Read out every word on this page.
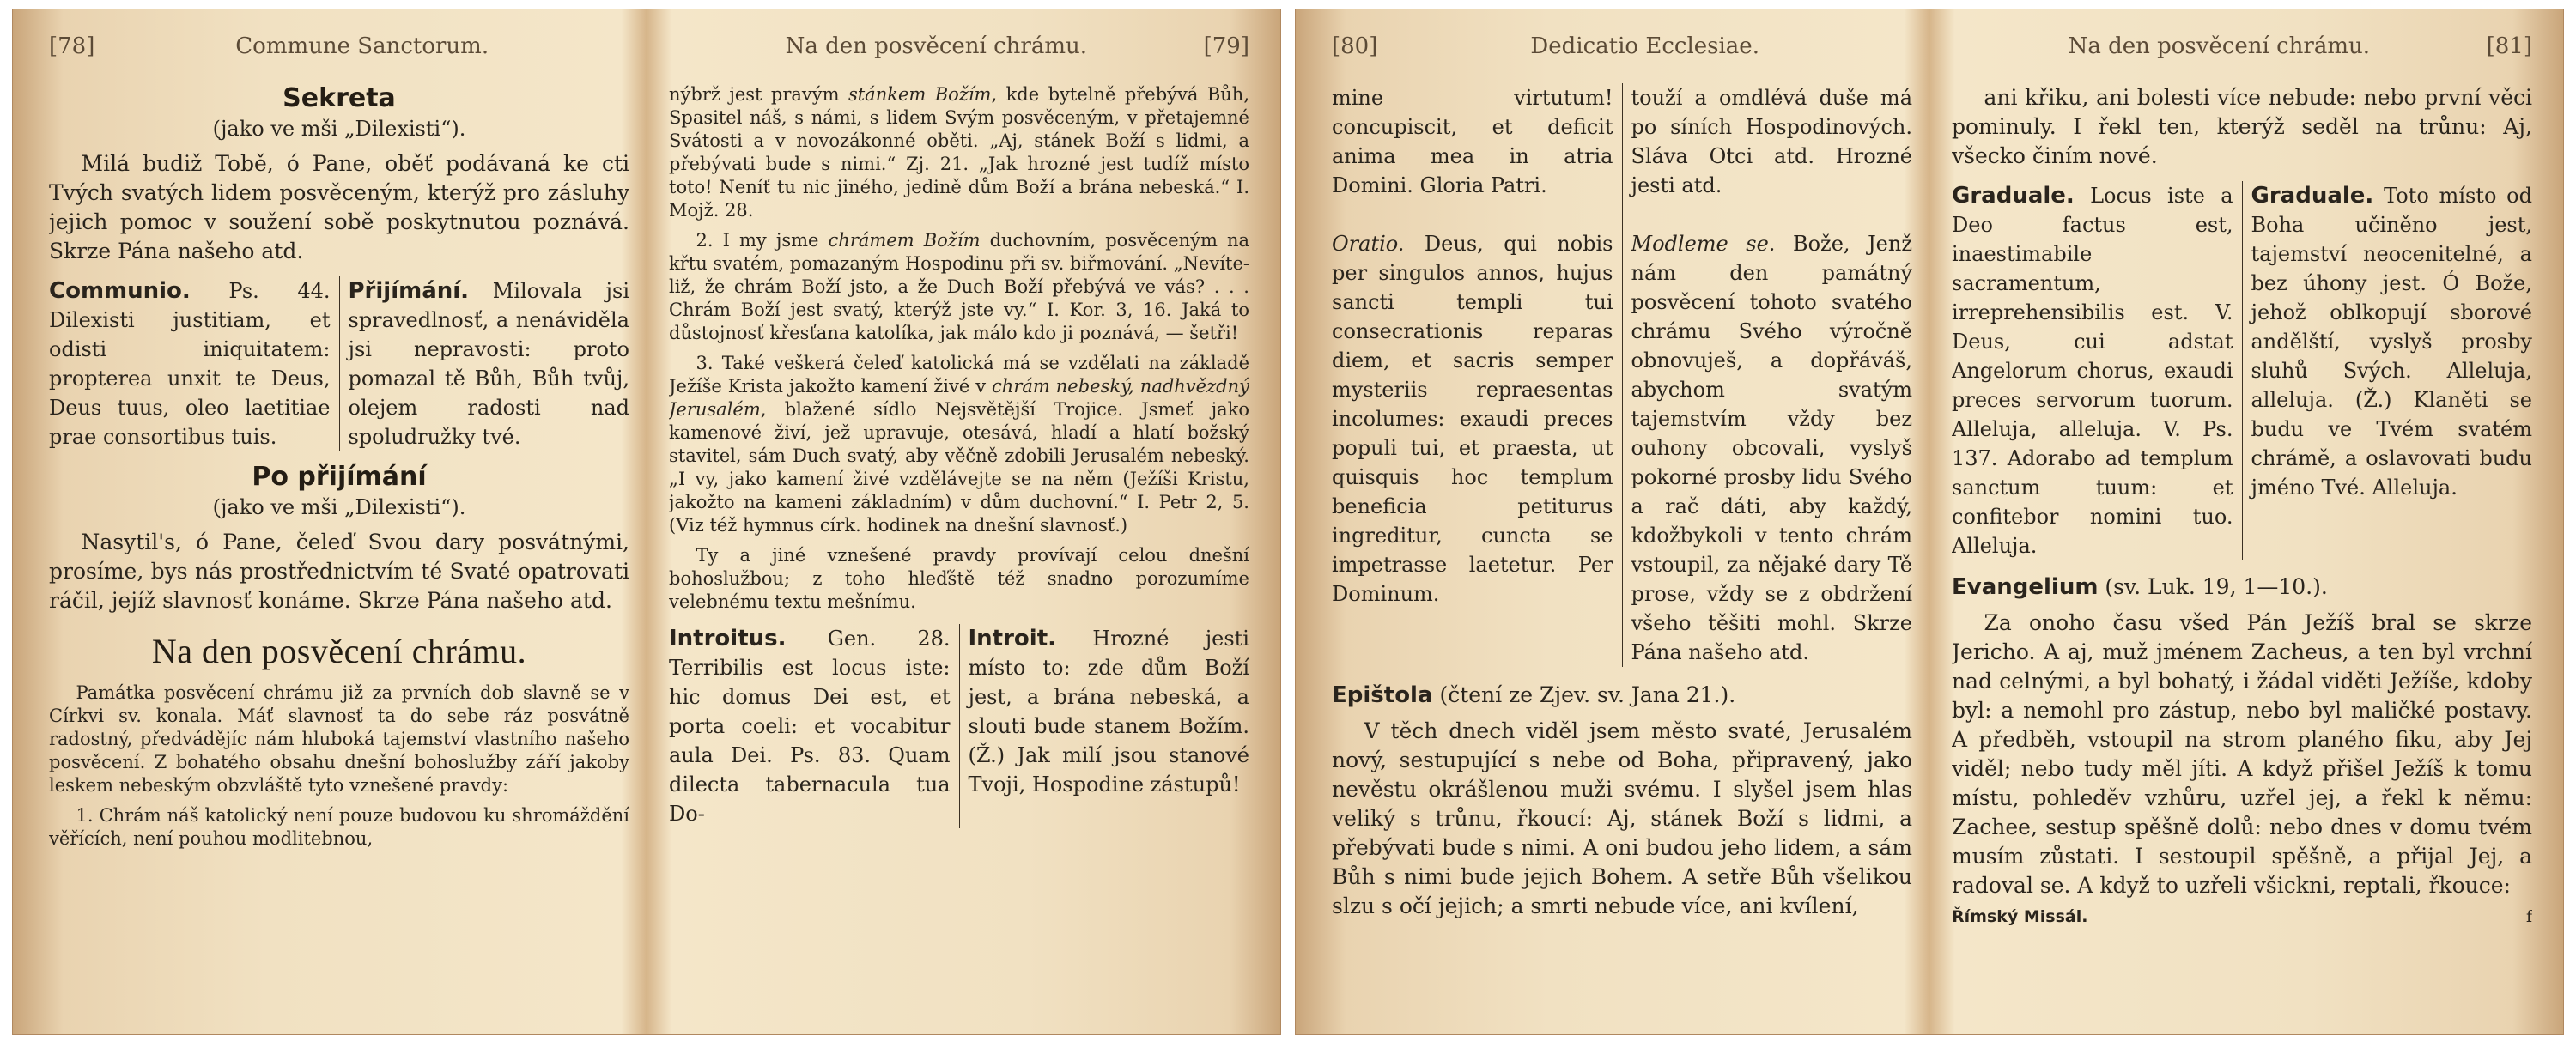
[78]	Commune Sanctorum.
Sekreta
(jako ve mši „Dilexisti“).

Milá budiž Tobě, ó Pane, oběť podávaná ke cti Tvých svatých lidem posvěceným, kterýž pro zásluhy jejich pomoc v soužení sobě poskytnutou poznává. Skrze Pána našeho atd.

Communio. Ps. 44. Dilexisti justitiam, et odisti iniquitatem: propterea unxit te Deus, Deus tuus, oleo laetitiae prae consortibus tuis.
Přijímání. Milovala jsi spravedlnosť, a nenáviděla jsi nepravosti: proto pomazal tě Bůh, Bůh tvůj, olejem radosti nad spoludružky tvé.
Po přijímání
(jako ve mši „Dilexisti“).

Nasytil's, ó Pane, čeleď Svou dary posvátnými, prosíme, bys nás prostřednictvím té Svaté opatrovati ráčil, jejíž slavnosť konáme. Skrze Pána našeho atd.

Na den posvěcení chrámu.

Památka posvěcení chrámu již za prvních dob slavně se v Církvi sv. konala. Máť slavnosť ta do sebe ráz posvátně radostný, předvádějíc nám hluboká tajemství vlastního našeho posvěcení. Z bohatého obsahu dnešní bohoslužby září jakoby leskem nebeským obzvláště tyto vznešené pravdy:

1. Chrám náš katolický není pouze budovou ku shromáždění věřících, není pouhou modlitebnou,

Na den posvěcení chrámu.	[79]

nýbrž jest pravým stánkem Božím, kde bytelně přebývá Bůh, Spasitel náš, s námi, s lidem Svým posvěceným, v přetajemné Svátosti a v novozákonné oběti. „Aj, stánek Boží s lidmi, a přebývati bude s nimi.“ Zj. 21. „Jak hrozné jest tudíž místo toto! Neníť tu nic jiného, jedině dům Boží a brána nebeská.“ I. Mojž. 28.

2. I my jsme chrámem Božím duchovním, posvěceným na křtu svatém, pomazaným Hospodinu při sv. biřmování. „Nevíte-liž, že chrám Boží jsto, a že Duch Boží přebývá ve vás? . . . Chrám Boží jest svatý, kterýž jste vy.“ I. Kor. 3, 16. Jaká to důstojnosť křesťana katolíka, jak málo kdo ji poznává, — šetři!

3. Také veškerá čeleď katolická má se vzdělati na základě Ježíše Krista jakožto kamení živé v chrám nebeský, nadhvězdný Jerusalém, blažené sídlo Nejsvětější Trojice. Jsmeť jako kamenové živí, jež upravuje, otesává, hladí a hlatí božský stavitel, sám Duch svatý, aby věčně zdobili Jerusalém nebeský. „I vy, jako kamení živé vzdělávejte se na něm (Ježíši Kristu, jakožto na kameni základním) v dům duchovní.“ I. Petr 2, 5. (Viz též hymnus círk. hodinek na dnešní slavnosť.)

Ty a jiné vznešené pravdy provívají celou dnešní bohoslužbou; z toho hleďště též snadno porozumíme velebnému textu mešnímu.

Introitus. Gen. 28. Terribilis est locus iste: hic domus Dei est, et porta coeli: et vocabitur aula Dei. Ps. 83. Quam dilecta tabernacula tua Do-
Introit. Hrozné jesti místo to: zde dům Boží jest, a brána nebeská, a slouti bude stanem Božím. (Ž.) Jak milí jsou stanové Tvoji, Hospodine zástupů!
[80]	Dedicatio Ecclesiae.
mine virtutum! concupiscit, et deficit anima mea in atria Domini. Gloria Patri.

Oratio. Deus, qui nobis per singulos annos, hujus sancti templi tui consecrationis reparas diem, et sacris semper mysteriis repraesentas incolumes: exaudi preces populi tui, et praesta, ut quisquis hoc templum beneficia petiturus ingreditur, cuncta se impetrasse laetetur. Per Dominum.
touží a omdlévá duše má po síních Hospodinových. Sláva Otci atd. Hrozné jesti atd.

Modleme se. Bože, Jenž nám den památný posvěcení tohoto svatého chrámu Svého výročně obnovuješ, a dopřáváš, abychom svatým tajemstvím vždy bez ouhony obcovali, vyslyš pokorné prosby lidu Svého a rač dáti, aby každý, kdožbykoli v tento chrám vstoupil, za nějaké dary Tě prose, vždy se z obdržení všeho těšiti mohl. Skrze Pána našeho atd.

Epištola (čtení ze Zjev. sv. Jana 21.).

V těch dnech viděl jsem město svaté, Jerusalém nový, sestupující s nebe od Boha, připravený, jako nevěstu okrášlenou muži svému. I slyšel jsem hlas veliký s trůnu, řkoucí: Aj, stánek Boží s lidmi, a přebývati bude s nimi. A oni budou jeho lidem, a sám Bůh s nimi bude jejich Bohem. A setře Bůh všelikou slzu s očí jejich; a smrti nebude více, ani kvílení,

Na den posvěcení chrámu.	[81]

ani křiku, ani bolesti více nebude: nebo první věci pominuly. I řekl ten, kterýž seděl na trůnu: Aj, všecko činím nové.

Graduale. Locus iste a Deo factus est, inaestimabile sacramentum, irreprehensibilis est. V. Deus, cui adstat Angelorum chorus, exaudi preces servorum tuorum. Alleluja, alleluja. V. Ps. 137. Adorabo ad templum sanctum tuum: et confitebor nomini tuo. Alleluja.
Graduale. Toto místo od Boha učiněno jest, tajemství neocenitelné, a bez úhony jest. Ó Bože, jehož oblkopují sborové andělští, vyslyš prosby sluhů Svých. Alleluja, alleluja. (Ž.) Klaněti se budu ve Tvém svatém chrámě, a oslavovati budu jméno Tvé. Alleluja.

Evangelium (sv. Luk. 19, 1—10.).

Za onoho času všed Pán Ježíš bral se skrze Jericho. A aj, muž jménem Zacheus, a ten byl vrchní nad celnými, a byl bohatý, i žádal viděti Ježíše, kdoby byl: a nemohl pro zástup, nebo byl maličké postavy. A předběh, vstoupil na strom planého fiku, aby Jej viděl; nebo tudy měl jíti. A když přišel Ježíš k tomu místu, pohleděv vzhůru, uzřel jej, a řekl k němu: Zachee, sestup spěšně dolů: nebo dnes v domu tvém musím zůstati. I sestoupil spěšně, a přijal Jej, a radoval se. A když to uzřeli všickni, reptali, řkouce:

Římský Missál.	f
